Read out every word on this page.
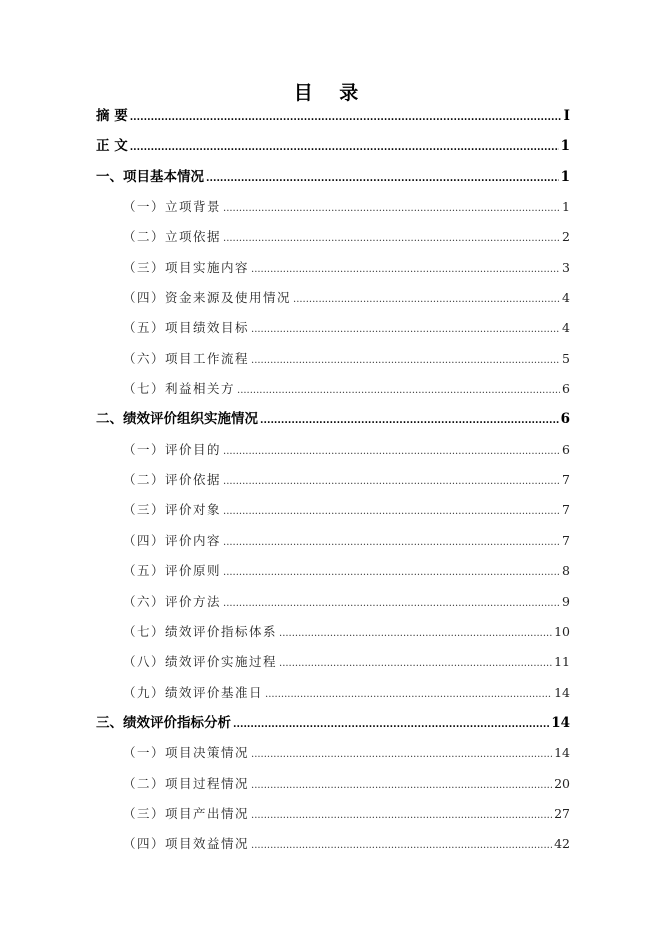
目 录
摘 要 .....	I
正 文 .....	1
一、项目基本情况 .....	1
（一）立项背景 .....	1
（二）立项依据 .....	2
（三）项目实施内容 .....	3
（四）资金来源及使用情况 .....	4
（五）项目绩效目标 .....	4
（六）项目工作流程 .....	5
（七）利益相关方 .....	6
二、绩效评价组织实施情况 .....	6
（一）评价目的 .....	6
（二）评价依据 .....	7
（三）评价对象 .....	7
（四）评价内容 .....	7
（五）评价原则 .....	8
（六）评价方法 .....	9
（七）绩效评价指标体系 .....	10
（八）绩效评价实施过程 .....	11
（九）绩效评价基准日 .....	14
三、绩效评价指标分析 .....	14
（一）项目决策情况 .....	14
（二）项目过程情况 .....	20
（三）项目产出情况 .....	27
（四）项目效益情况 .....	42
